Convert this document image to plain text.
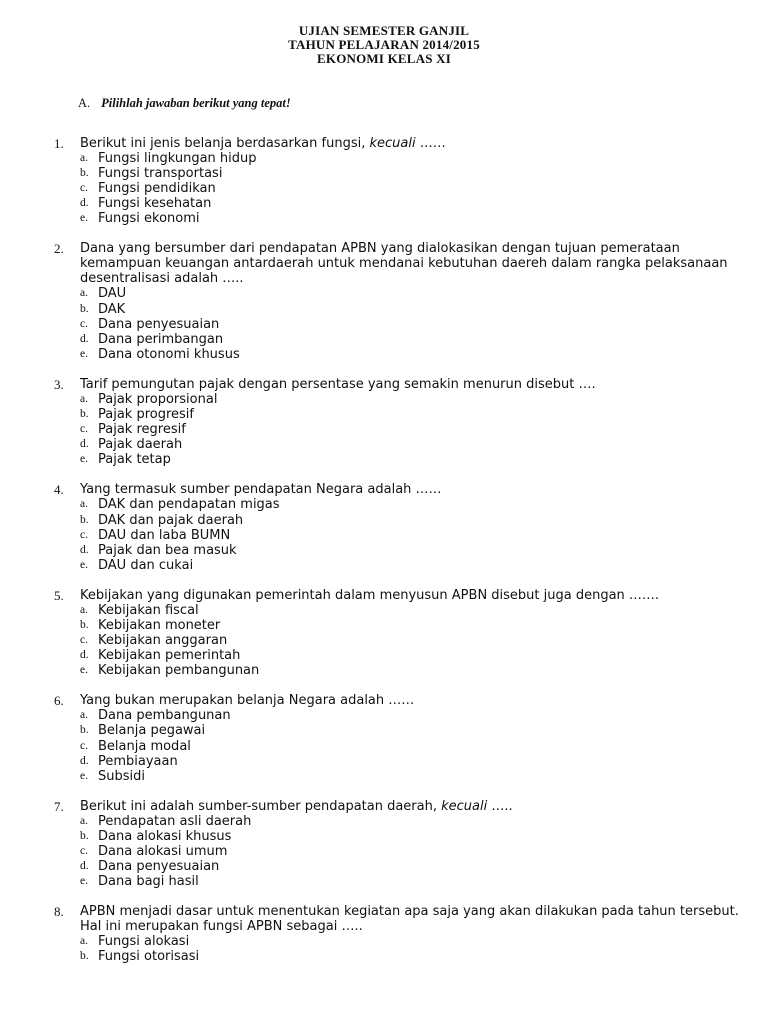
UJIAN SEMESTER GANJIL
TAHUN PELAJARAN 2014/2015
EKONOMI KELAS XI
A. Pilihlah jawaban berikut yang tepat!
1.	Berikut ini jenis belanja berdasarkan fungsi, kecuali ……
a. Fungsi lingkungan hidup
b. Fungsi transportasi
c. Fungsi pendidikan
d. Fungsi kesehatan
e. Fungsi ekonomi
2.	Dana yang bersumber dari pendapatan APBN yang dialokasikan dengan tujuan pemerataan kemampuan keuangan antardaerah untuk mendanai kebutuhan daereh dalam rangka pelaksanaan desentralisasi adalah …..
a. DAU
b. DAK
c. Dana penyesuaian
d. Dana perimbangan
e. Dana otonomi khusus
3.	Tarif pemungutan pajak dengan persentase yang semakin menurun disebut ….
a. Pajak proporsional
b. Pajak progresif
c. Pajak regresif
d. Pajak daerah
e. Pajak tetap
4.	Yang termasuk sumber pendapatan Negara adalah ……
a. DAK dan pendapatan migas
b. DAK dan pajak daerah
c. DAU dan laba BUMN
d. Pajak dan bea masuk
e. DAU dan cukai
5.	Kebijakan yang digunakan pemerintah dalam menyusun APBN disebut juga dengan …….
a. Kebijakan fiscal
b. Kebijakan moneter
c. Kebijakan anggaran
d. Kebijakan pemerintah
e. Kebijakan pembangunan
6.	Yang bukan merupakan belanja Negara adalah ……
a. Dana pembangunan
b. Belanja pegawai
c. Belanja modal
d. Pembiayaan
e. Subsidi
7.	Berikut ini adalah sumber-sumber pendapatan daerah, kecuali …..
a. Pendapatan asli daerah
b. Dana alokasi khusus
c. Dana alokasi umum
d. Dana penyesuaian
e. Dana bagi hasil
8.	APBN menjadi dasar untuk menentukan kegiatan apa saja yang akan dilakukan pada tahun tersebut. Hal ini merupakan fungsi APBN sebagai …..
a. Fungsi alokasi
b. Fungsi otorisasi
